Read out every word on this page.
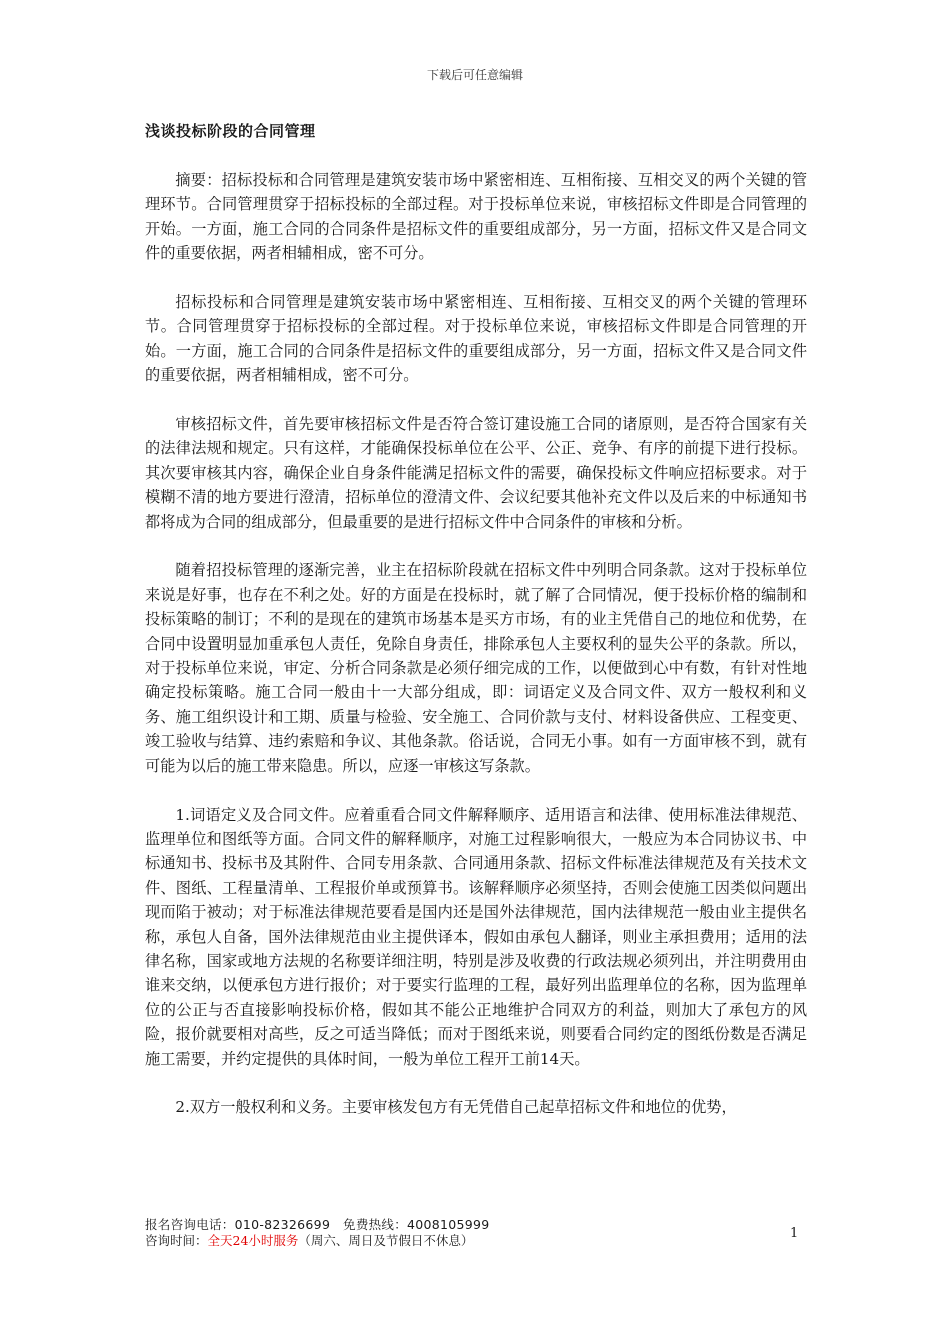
下载后可任意编辑
浅谈投标阶段的合同管理

摘要：招标投标和合同管理是建筑安装市场中紧密相连、互相衔接、互相交叉的两个关键的管理环节。合同管理贯穿于招标投标的全部过程。对于投标单位来说，审核招标文件即是合同管理的开始。一方面，施工合同的合同条件是招标文件的重要组成部分，另一方面，招标文件又是合同文件的重要依据，两者相辅相成，密不可分。

招标投标和合同管理是建筑安装市场中紧密相连、互相衔接、互相交叉的两个关键的管理环节。合同管理贯穿于招标投标的全部过程。对于投标单位来说，审核招标文件即是合同管理的开始。一方面，施工合同的合同条件是招标文件的重要组成部分，另一方面，招标文件又是合同文件的重要依据，两者相辅相成，密不可分。

审核招标文件，首先要审核招标文件是否符合签订建设施工合同的诸原则，是否符合国家有关的法律法规和规定。只有这样，才能确保投标单位在公平、公正、竞争、有序的前提下进行投标。其次要审核其内容，确保企业自身条件能满足招标文件的需要，确保投标文件响应招标要求。对于模糊不清的地方要进行澄清，招标单位的澄清文件、会议纪要其他补充文件以及后来的中标通知书都将成为合同的组成部分，但最重要的是进行招标文件中合同条件的审核和分析。

随着招投标管理的逐渐完善，业主在招标阶段就在招标文件中列明合同条款。这对于投标单位来说是好事，也存在不利之处。好的方面是在投标时，就了解了合同情况，便于投标价格的编制和投标策略的制订；不利的是现在的建筑市场基本是买方市场，有的业主凭借自己的地位和优势，在合同中设置明显加重承包人责任，免除自身责任，排除承包人主要权利的显失公平的条款。所以，对于投标单位来说，审定、分析合同条款是必须仔细完成的工作，以便做到心中有数，有针对性地确定投标策略。施工合同一般由十一大部分组成，即：词语定义及合同文件、双方一般权利和义务、施工组织设计和工期、质量与检验、安全施工、合同价款与支付、材料设备供应、工程变更、竣工验收与结算、违约索赔和争议、其他条款。俗话说，合同无小事。如有一方面审核不到，就有可能为以后的施工带来隐患。所以，应逐一审核这写条款。

1.词语定义及合同文件。应着重看合同文件解释顺序、适用语言和法律、使用标准法律规范、监理单位和图纸等方面。合同文件的解释顺序，对施工过程影响很大，一般应为本合同协议书、中标通知书、投标书及其附件、合同专用条款、合同通用条款、招标文件标准法律规范及有关技术文件、图纸、工程量清单、工程报价单或预算书。该解释顺序必须坚持，否则会使施工因类似问题出现而陷于被动；对于标准法律规范要看是国内还是国外法律规范，国内法律规范一般由业主提供名称，承包人自备，国外法律规范由业主提供译本，假如由承包人翻译，则业主承担费用；适用的法律名称，国家或地方法规的名称要详细注明，特别是涉及收费的行政法规必须列出，并注明费用由谁来交纳，以便承包方进行报价；对于要实行监理的工程，最好列出监理单位的名称，因为监理单位的公正与否直接影响投标价格，假如其不能公正地维护合同双方的利益，则加大了承包方的风险，报价就要相对高些，反之可适当降低；而对于图纸来说，则要看合同约定的图纸份数是否满足施工需要，并约定提供的具体时间，一般为单位工程开工前14天。

2.双方一般权利和义务。主要审核发包方有无凭借自己起草招标文件和地位的优势，

报名咨询电话：010-82326699 免费热线：4008105999
咨询时间：全天24小时服务（周六、周日及节假日不休息）	1
